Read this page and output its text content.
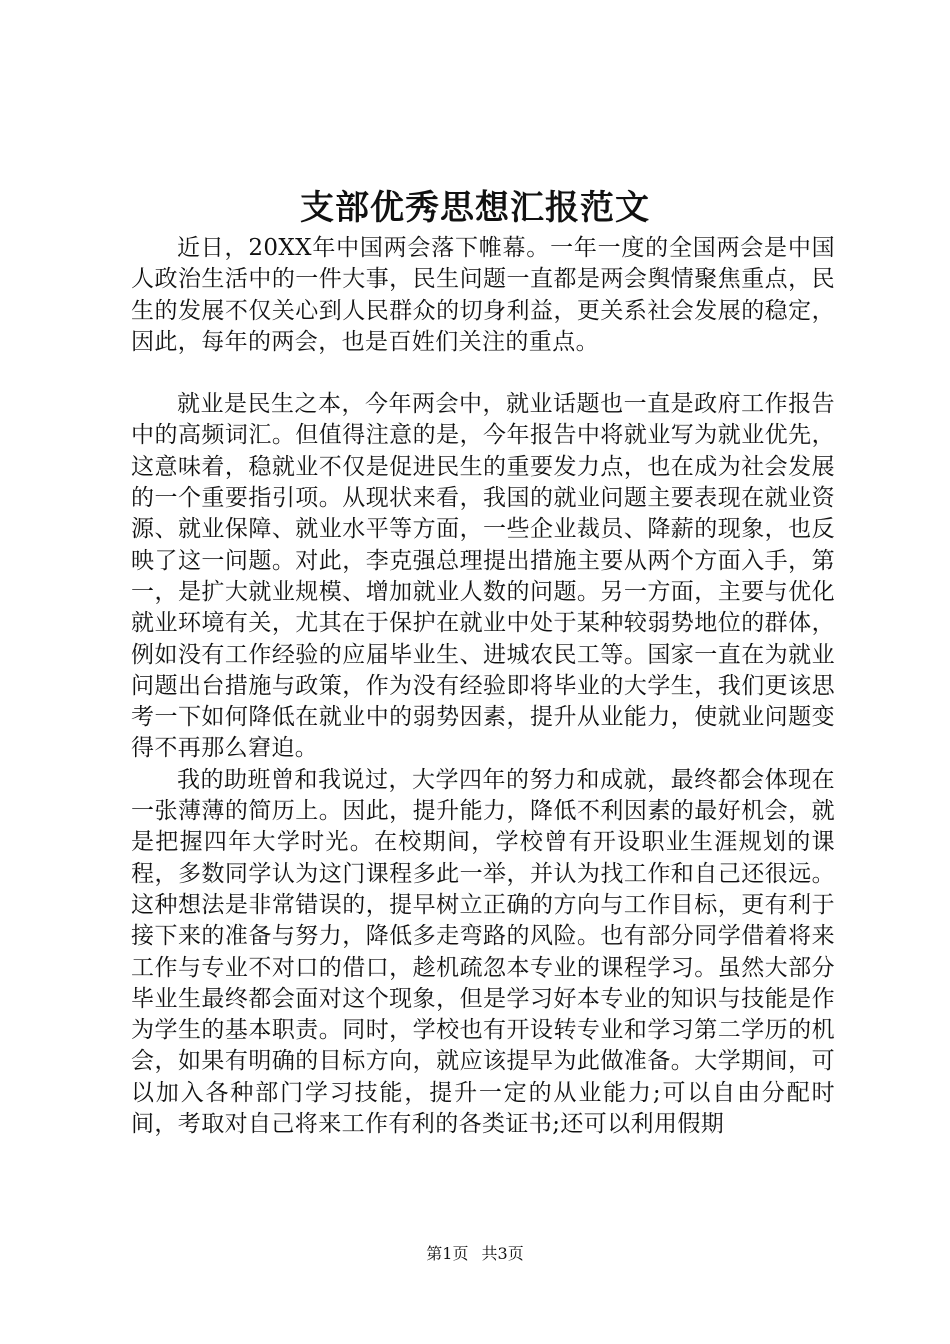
支部优秀思想汇报范文

近日，20XX年中国两会落下帷幕。一年一度的全国两会是中国人政治生活中的一件大事，民生问题一直都是两会舆情聚焦重点，民生的发展不仅关心到人民群众的切身利益，更关系社会发展的稳定，因此，每年的两会，也是百姓们关注的重点。

就业是民生之本，今年两会中，就业话题也一直是政府工作报告中的高频词汇。但值得注意的是，今年报告中将就业写为就业优先，这意味着，稳就业不仅是促进民生的重要发力点，也在成为社会发展的一个重要指引项。从现状来看，我国的就业问题主要表现在就业资源、就业保障、就业水平等方面，一些企业裁员、降薪的现象，也反映了这一问题。对此，李克强总理提出措施主要从两个方面入手，第一，是扩大就业规模、增加就业人数的问题。另一方面，主要与优化就业环境有关，尤其在于保护在就业中处于某种较弱势地位的群体，例如没有工作经验的应届毕业生、进城农民工等。国家一直在为就业问题出台措施与政策，作为没有经验即将毕业的大学生，我们更该思考一下如何降低在就业中的弱势因素，提升从业能力，使就业问题变得不再那么窘迫。

我的助班曾和我说过，大学四年的努力和成就，最终都会体现在一张薄薄的简历上。因此，提升能力，降低不利因素的最好机会，就是把握四年大学时光。在校期间，学校曾有开设职业生涯规划的课程，多数同学认为这门课程多此一举，并认为找工作和自己还很远。这种想法是非常错误的，提早树立正确的方向与工作目标，更有利于接下来的准备与努力，降低多走弯路的风险。也有部分同学借着将来工作与专业不对口的借口，趁机疏忽本专业的课程学习。虽然大部分毕业生最终都会面对这个现象，但是学习好本专业的知识与技能是作为学生的基本职责。同时，学校也有开设转专业和学习第二学历的机会，如果有明确的目标方向，就应该提早为此做准备。大学期间，可以加入各种部门学习技能，提升一定的从业能力;可以自由分配时间，考取对自己将来工作有利的各类证书;还可以利用假期

第1页 共3页
